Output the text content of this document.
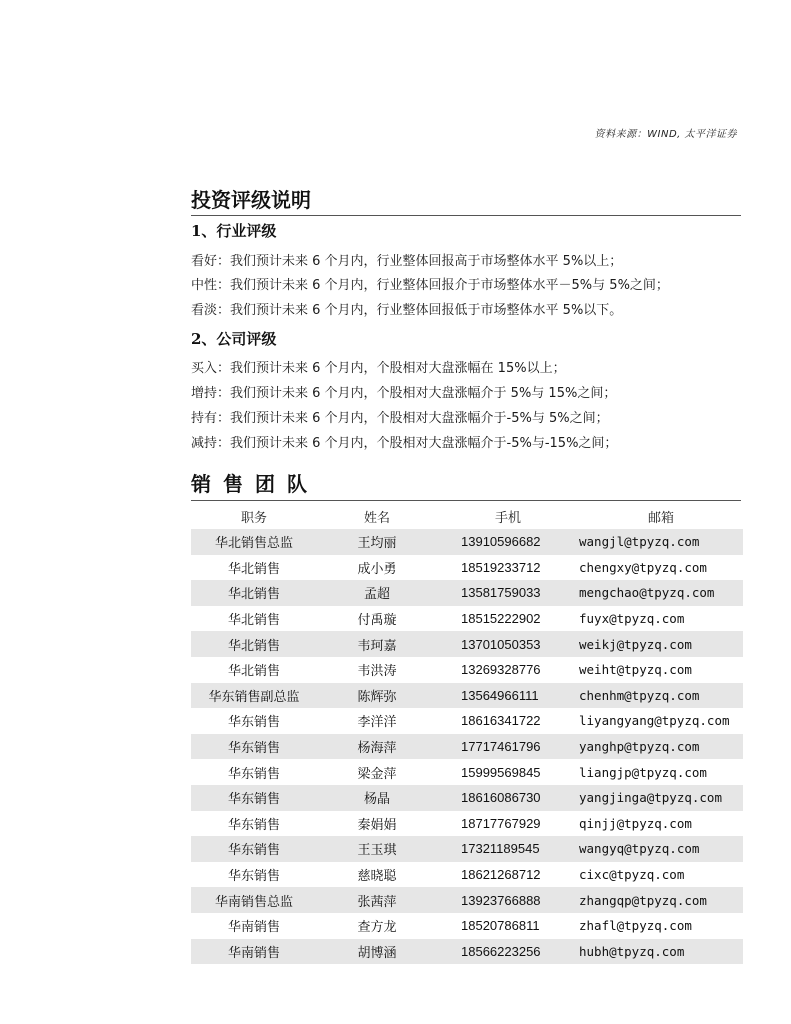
资料来源：WIND, 太平洋证券
投资评级说明
1、行业评级
看好：我们预计未来 6 个月内，行业整体回报高于市场整体水平 5%以上；
中性：我们预计未来 6 个月内，行业整体回报介于市场整体水平－5%与 5%之间；
看淡：我们预计未来 6 个月内，行业整体回报低于市场整体水平 5%以下。
2、公司评级
买入：我们预计未来 6 个月内，个股相对大盘涨幅在 15%以上；
增持：我们预计未来 6 个月内，个股相对大盘涨幅介于 5%与 15%之间；
持有：我们预计未来 6 个月内，个股相对大盘涨幅介于-5%与 5%之间；
减持：我们预计未来 6 个月内，个股相对大盘涨幅介于-5%与-15%之间；
销售团队
职务	姓名	手机	邮箱
华北销售总监	王均丽	13910596682	wangjl@tpyzq.com
华北销售	成小勇	18519233712	chengxy@tpyzq.com
华北销售	孟超	13581759033	mengchao@tpyzq.com
华北销售	付禹璇	18515222902	fuyx@tpyzq.com
华北销售	韦珂嘉	13701050353	weikj@tpyzq.com
华北销售	韦洪涛	13269328776	weiht@tpyzq.com
华东销售副总监	陈辉弥	13564966111	chenhm@tpyzq.com
华东销售	李洋洋	18616341722	liyangyang@tpyzq.com
华东销售	杨海萍	17717461796	yanghp@tpyzq.com
华东销售	梁金萍	15999569845	liangjp@tpyzq.com
华东销售	杨晶	18616086730	yangjinga@tpyzq.com
华东销售	秦娟娟	18717767929	qinjj@tpyzq.com
华东销售	王玉琪	17321189545	wangyq@tpyzq.com
华东销售	慈晓聪	18621268712	cixc@tpyzq.com
华南销售总监	张茜萍	13923766888	zhangqp@tpyzq.com
华南销售	查方龙	18520786811	zhafl@tpyzq.com
华南销售	胡博涵	18566223256	hubh@tpyzq.com
